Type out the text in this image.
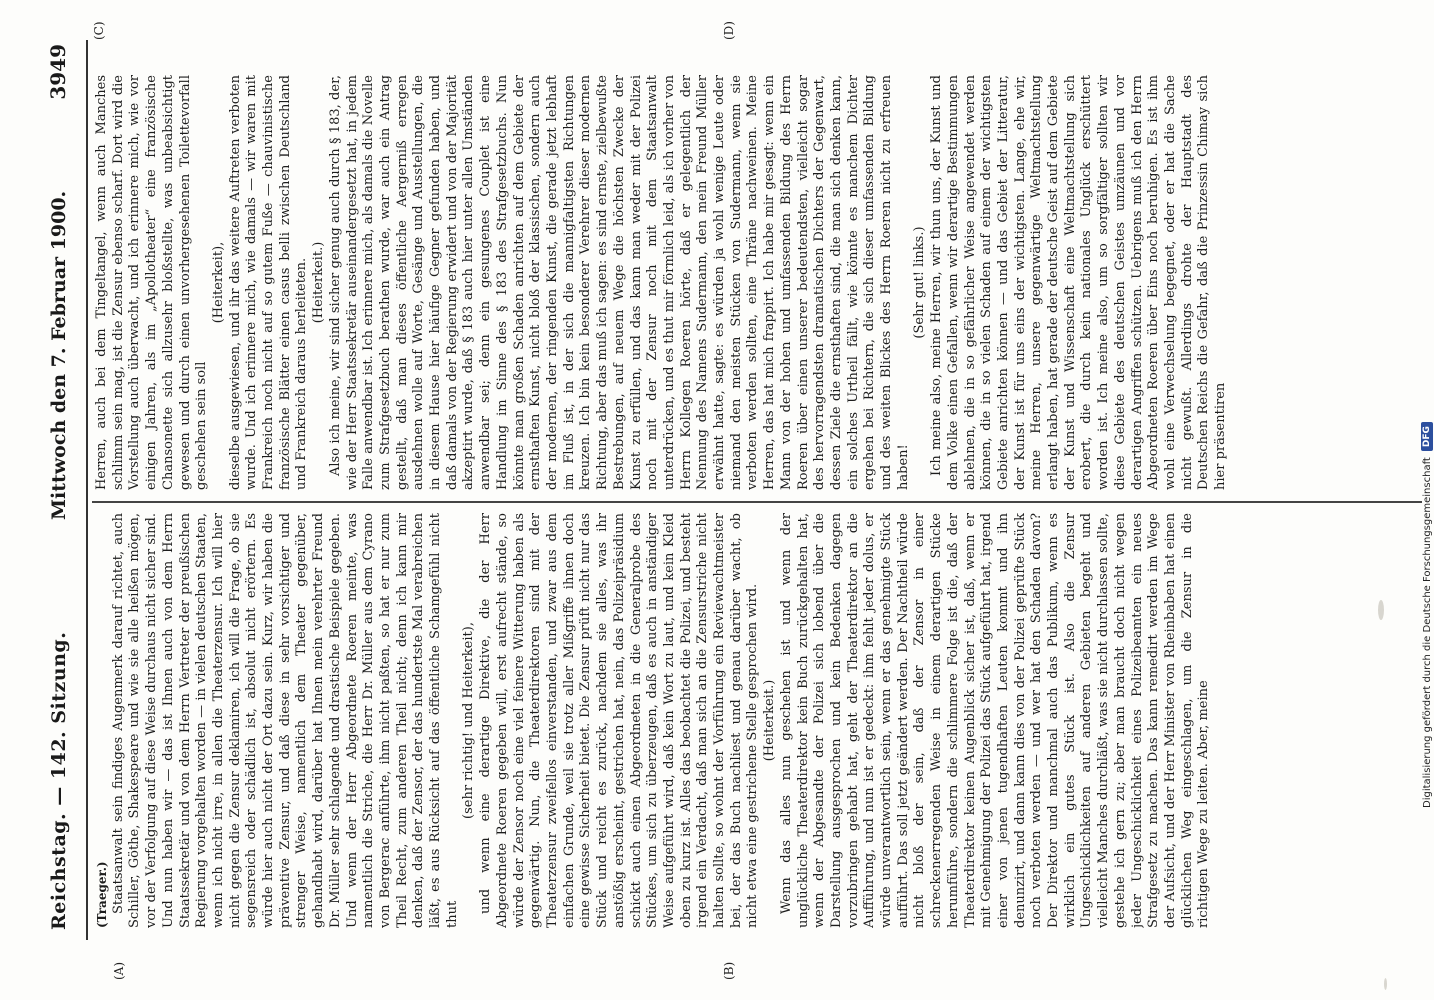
Reichstag. — 142. Sitzung.
Mittwoch den 7. Februar 1900.
3949
(A)	(B)
(C)	(D)

(Traeger.) Staatsanwalt sein findiges Augenmerk darauf richtet, auch Schiller, Göthe, Shakespeare und wie sie alle heißen mögen, vor der Verfolgung auf diese Weise durchaus nicht sicher sind. Und nun haben wir — das ist Ihnen auch von dem Herrn Staatssekretär und von dem Herrn Vertreter der preußischen Regierung vorgehalten worden — in vielen deutschen Staaten, wenn ich nicht irre, in allen die Theaterzensur. Ich will hier nicht gegen die Zensur deklamiren, ich will die Frage, ob sie segensreich oder schädlich ist, absolut nicht erörtern. Es würde hier auch nicht der Ort dazu sein. Kurz, wir haben die präventive Zensur, und daß diese in sehr vorsichtiger und strenger Weise, namentlich dem Theater gegenüber, gehandhabt wird, darüber hat Ihnen mein verehrter Freund Dr. Müller sehr schlagende und drastische Beispiele gegeben. Und wenn der Herr Abgeordnete Roeren meinte, was namentlich die Striche, die Herr Dr. Müller aus dem Cyrano von Bergerac anführte, ihm nicht paßten, so hat er nur zum Theil Recht, zum anderen Theil nicht; denn ich kann mir denken, daß der Zensor, der das hundertste Mal verabreichen läßt, es aus Rücksicht auf das öffentliche Schamgefühl nicht thut

(sehr richtig! und Heiterkeit), und wenn eine derartige Direktive, die der Herr Abgeordnete Roeren gegeben will, erst aufrecht stände, so würde der Zensor noch eine viel feinere Witterung haben als gegenwärtig. Nun, die Theaterdirektoren sind mit der Theaterzensur zweifellos einverstanden, und zwar aus dem einfachen Grunde, weil sie trotz aller Mißgriffe ihnen doch eine gewisse Sicherheit bietet. Die Zensur prüft nicht nur das Stück und reicht es zurück, nachdem sie alles, was ihr anstößig erscheint, gestrichen hat, nein, das Polizeipräsidium schickt auch einen Abgeordneten in die Generalprobe des Stückes, um sich zu überzeugen, daß es auch in anständiger Weise aufgeführt wird, daß kein Wort zu laut, und kein Kleid oben zu kurz ist. Alles das beobachtet die Polizei, und besteht irgend ein Verdacht, daß man sich an die Zensurstriche nicht halten sollte, so wohnt der Vorführung ein Reviewachtmeister bei, der das Buch nachliest und genau darüber wacht, ob nicht etwa eine gestrichene Stelle gesprochen wird. (Heiterkeit.) Wenn das alles nun geschehen ist und wenn der unglückliche Theaterdirektor kein Buch zurückgehalten hat, wenn der Abgesandte der Polizei sich lobend über die Darstellung ausgesprochen und kein Bedenken dagegen vorzubringen gehabt hat, geht der Theaterdirektor an die Aufführung, und nun ist er gedeckt: ihm fehlt jeder dolus, er würde unverantwortlich sein, wenn er das genehmigte Stück aufführt. Das soll jetzt geändert werden. Der Nachtheil würde nicht bloß der sein, daß der Zensor in einer schreckenerregenden Weise in einem derartigen Stücke herumführe, sondern die schlimmere Folge ist die, daß der Theaterdirektor keinen Augenblick sicher ist, daß, wenn er mit Genehmigung der Polizei das Stück aufgeführt hat, irgend einer von jenen tugendhaften Leuten kommt und ihn denunzirt, und dann kann dies von der Polizei geprüfte Stück noch verboten werden — und wer hat den Schaden davon? Der Direktor und manchmal auch das Publikum, wenn es wirklich ein gutes Stück ist. Also die Zensur Ungeschicklichkeiten auf anderen Gebieten begeht und vielleicht Manches durchläßt, was sie nicht durchlassen sollte, gestehe ich gern zu; aber man braucht doch nicht wegen jeder Ungeschicklichkeit eines Polizeibeamten ein neues Strafgesetz zu machen. Das kann remedirt werden im Wege der Aufsicht, und der Herr Minister von Rheinbaben hat einen glücklichen Weg eingeschlagen, um die Zensur in die richtigen Wege zu leiten. Aber, meine

Herren, auch bei dem Tingeltangel, wenn auch Manches schlimm sein mag, ist die Zensur ebenso scharf. Dort wird die Vorstellung auch überwacht, und ich erinnere mich, wie vor einigen Jahren, als im „Apollotheater“ eine französische Chansonette sich allzusehr bloßstellte, was unbeabsichtigt gewesen und durch einen unvorhergesehenen Toilettevorfall geschehen sein soll

(Heiterkeit), dieselbe ausgewiesen, und ihr das weitere Auftreten verboten wurde. Und ich erinnere mich, wie damals — wir waren mit Frankreich noch nicht auf so gutem Fuße — chauvinistische französische Blätter einen casus belli zwischen Deutschland und Frankreich daraus herleiteten. (Heiterkeit.) Also ich meine, wir sind sicher genug auch durch § 183, der, wie der Herr Staatssekretär auseinandergesetzt hat, in jedem Falle anwendbar ist. Ich erinnere mich, als damals die Novelle zum Strafgesetzbuch berathen wurde, war auch ein Antrag gestellt, daß man dieses öffentliche Aergerniß erregen ausdehnen wolle auf Worte, Gesänge und Ausstellungen, die in diesem Hause hier häufige Gegner gefunden haben, und daß damals von der Regierung erwidert und von der Majorität akzeptirt wurde, daß § 183 auch hier unter allen Umständen anwendbar sei; denn ein gesungenes Couplet ist eine Handlung im Sinne des § 183 des Strafgesetzbuchs. Nun könnte man großen Schaden anrichten auf dem Gebiete der ernsthaften Kunst, nicht bloß der klassischen, sondern auch der modernen, der ringenden Kunst, die gerade jetzt lebhaft im Fluß ist, in der sich die mannigfaltigsten Richtungen kreuzen. Ich bin kein besonderer Verehrer dieser modernen Richtung, aber das muß ich sagen: es sind ernste, zielbewußte Bestrebungen, auf neuem Wege die höchsten Zwecke der Kunst zu erfüllen, und das kann man weder mit der Polizei noch mit der Zensur noch mit dem Staatsanwalt unterdrücken, und es thut mir förmlich leid, als ich vorher von Herrn Kollegen Roeren hörte, daß er gelegentlich der Nennung des Namens Sudermann, den mein Freund Müller erwähnt hatte, sagte: es würden ja wohl wenige Leute oder niemand den meisten Stücken von Sudermann, wenn sie verboten werden sollten, eine Thräne nachweinen. Meine Herren, das hat mich frappirt. Ich habe mir gesagt: wenn ein Mann von der hohen und umfassenden Bildung des Herrn Roeren über einen unserer bedeutendsten, vielleicht sogar des hervorragendsten dramatischen Dichters der Gegenwart, dessen Ziele die ernsthaften sind, die man sich denken kann, ein solches Urtheil fällt, wie könnte es manchem Dichter ergehen bei Richtern, die sich dieser umfassenden Bildung und des weiten Blickes des Herrn Roeren nicht zu erfreuen haben!

(Sehr gut! links.) Ich meine also, meine Herren, wir thun uns, der Kunst und dem Volke einen Gefallen, wenn wir derartige Bestimmungen ablehnen, die in so gefährlicher Weise angewendet werden können, die in so vielen Schaden auf einem der wichtigsten Gebiete anrichten können — und das Gebiet der Litteratur, der Kunst ist für uns eins der wichtigsten. Lange, ehe wir, meine Herren, unsere gegenwärtige Weltmachtstellung erlangt haben, hat gerade der deutsche Geist auf dem Gebiete der Kunst und Wissenschaft eine Weltmachtstellung sich erobert, die durch kein nationales Unglück erschüttert worden ist. Ich meine also, um so sorgfältiger sollten wir diese Gebiete des deutschen Geistes umzäunen und vor derartigen Angriffen schützen. Uebrigens muß ich den Herrn Abgeordneten Roeren über Eins noch beruhigen. Es ist ihm wohl eine Verwechselung begegnet, oder er hat die Sache nicht gewußt. Allerdings drohte der Hauptstadt des Deutschen Reichs die Gefahr, daß die Prinzessin Chimay sich hier präsentiren

Digitalisierung gefördert durch die Deutsche Forschungsgemeinschaft
DFG
